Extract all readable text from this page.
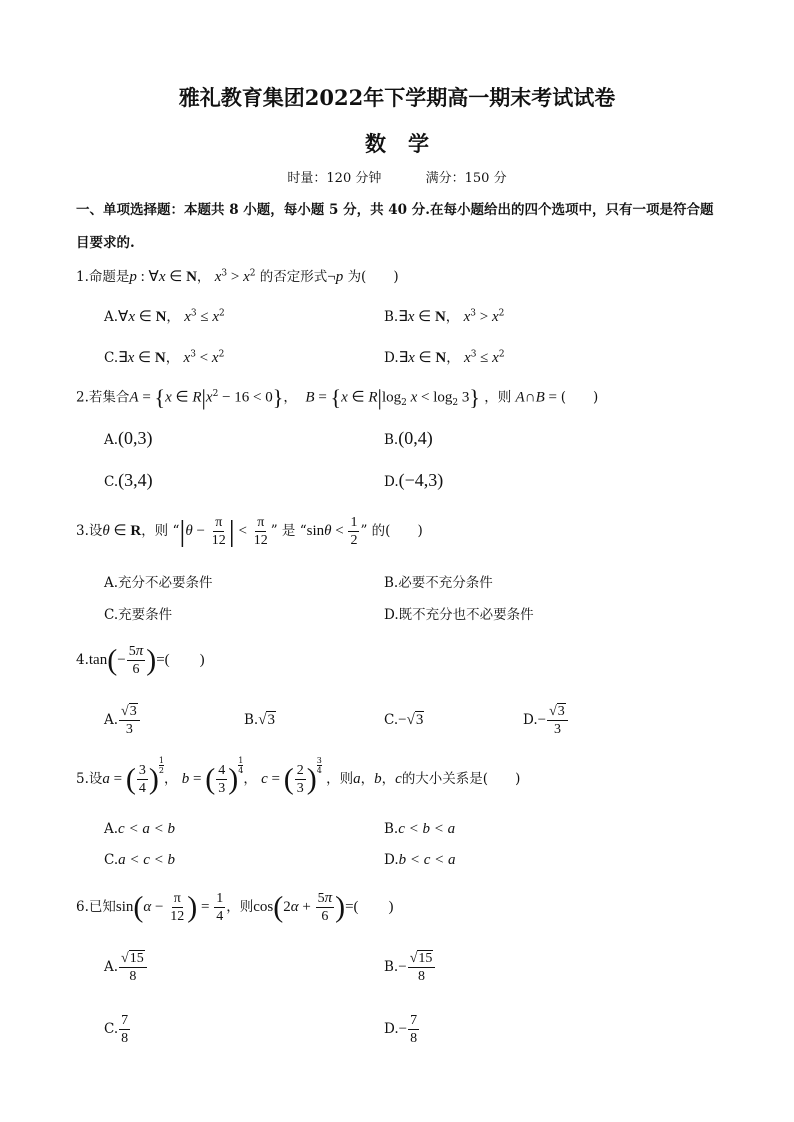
雅礼教育集团2022年下学期高一期末考试试卷
数学
时量：120 分钟	满分：150 分
一、单项选择题：本题共 8 小题，每小题 5 分，共 40 分.在每小题给出的四个选项中，只有一项是符合题
目要求的.
1.命题是p : ∀x ∈ N， $x^3 > x^2$ 的否定形式¬p 为(　　)
A.∀x ∈ N， $x^3 \le x^2$	B.∃x ∈ N， $x^3 > x^2$
C.∃x ∈ N， $x^3 < x^2$	D.∃x ∈ N， $x^3 \le x^2$
2.若集合A = {x ∈ $R|x^2 - 16 < 0$}，  B = {x ∈ $R|\log_2$ $x < \log_2 3$} ，则 A∩B = (　　)
A.(0,3)	B.(0,4)
C.(3,4)	D.(−4,3)
3.设θ ∈ R，则 “$|\theta - \frac{\pi}{12}$ | < $\frac{\pi}{12}$ ” 是 “$\sin\theta < \frac{1}{2}$ ” 的(　　)
A.充分不必要条件	B.必要不充分条件
C.充要条件	D.既不充分也不必要条件
$4.\tan(- \frac{5\pi}{6}$ )=(　　)
A. $\frac{√3}{3}$	B.√3	C.−√3	$D.- \frac{√3}{3}$
5.设a = ( $\frac{3}{4}$ ) $\frac{1}{2}$
， b = ( $\frac{4}{3}$ ) $\frac{1}{4}$
， c = ( $\frac{2}{3}$ ) $\frac{3}{4}$
，则a，b，c的大小关系是(　　)
A.c < a < b	B.c < b < a
C.a < c < b	D.b < c < a
6.已知$\sin(\alpha - \frac{\pi}{12}$ ) = $\frac{1}{4}$ ，则$\cos(2\alpha + \frac{5\pi}{6}$ )=(　　)
A. $\frac{√15}{8}$	$B.- \frac{√15}{8}$
C. $\frac{7}{8}$	$D.- \frac{7}{8}$
